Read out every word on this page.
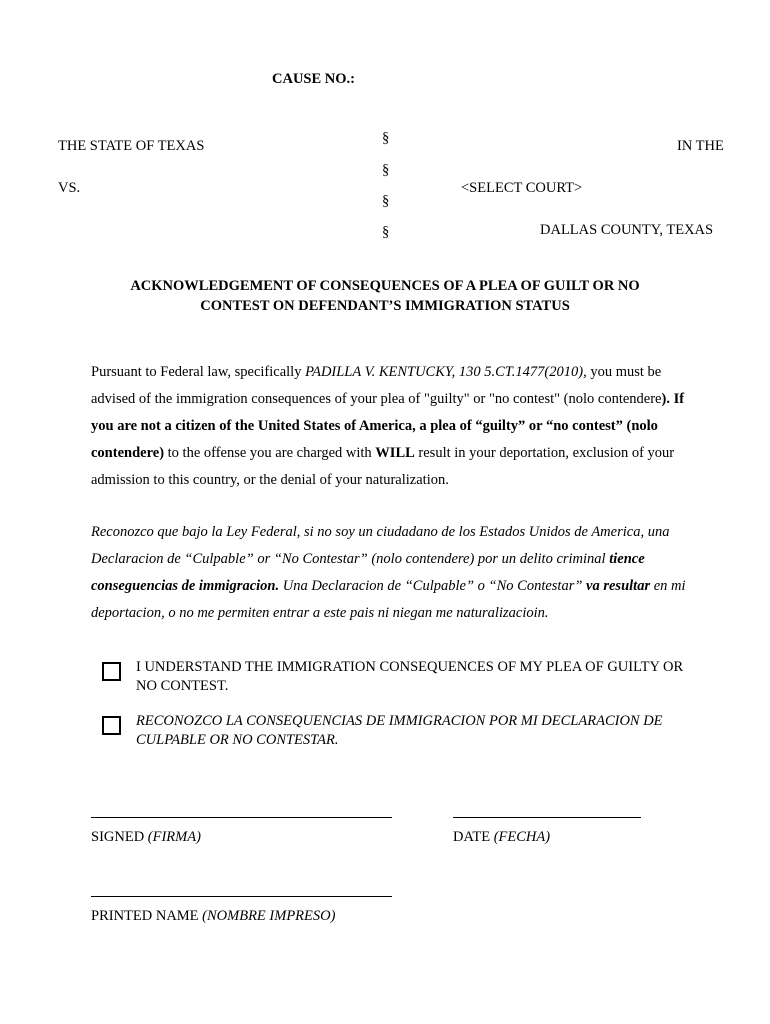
CAUSE NO.:
THE STATE OF TEXAS
VS.
§
§
§
§
IN THE
<SELECT COURT>
DALLAS COUNTY, TEXAS
ACKNOWLEDGEMENT OF CONSEQUENCES OF A PLEA OF GUILT OR NO
CONTEST ON DEFENDANT’S IMMIGRATION STATUS
Pursuant to Federal law, specifically PADILLA V. KENTUCKY, 130 5.CT.1477(2010), you must be advised of the immigration consequences of your plea of "guilty" or "no contest" (nolo contendere). If you are not a citizen of the United States of America, a plea of “guilty” or “no contest” (nolo contendere) to the offense you are charged with WILL result in your deportation, exclusion of your admission to this country, or the denial of your naturalization.
Reconozco que bajo la Ley Federal, si no soy un ciudadano de los Estados Unidos de America, una Declaracion de “Culpable” or “No Contestar” (nolo contendere) por un delito criminal tience conseguencias de immigracion. Una Declaracion de “Culpable” o “No Contestar” va resultar en mi deportacion, o no me permiten entrar a este pais ni niegan me naturalizacioin.
I UNDERSTAND THE IMMIGRATION CONSEQUENCES OF MY PLEA OF GUILTY OR NO CONTEST.
RECONOZCO LA CONSEQUENCIAS DE IMMIGRACION POR MI DECLARACION DE CULPABLE OR NO CONTESTAR.
SIGNED (FIRMA)	DATE (FECHA)
PRINTED NAME (NOMBRE IMPRESO)
